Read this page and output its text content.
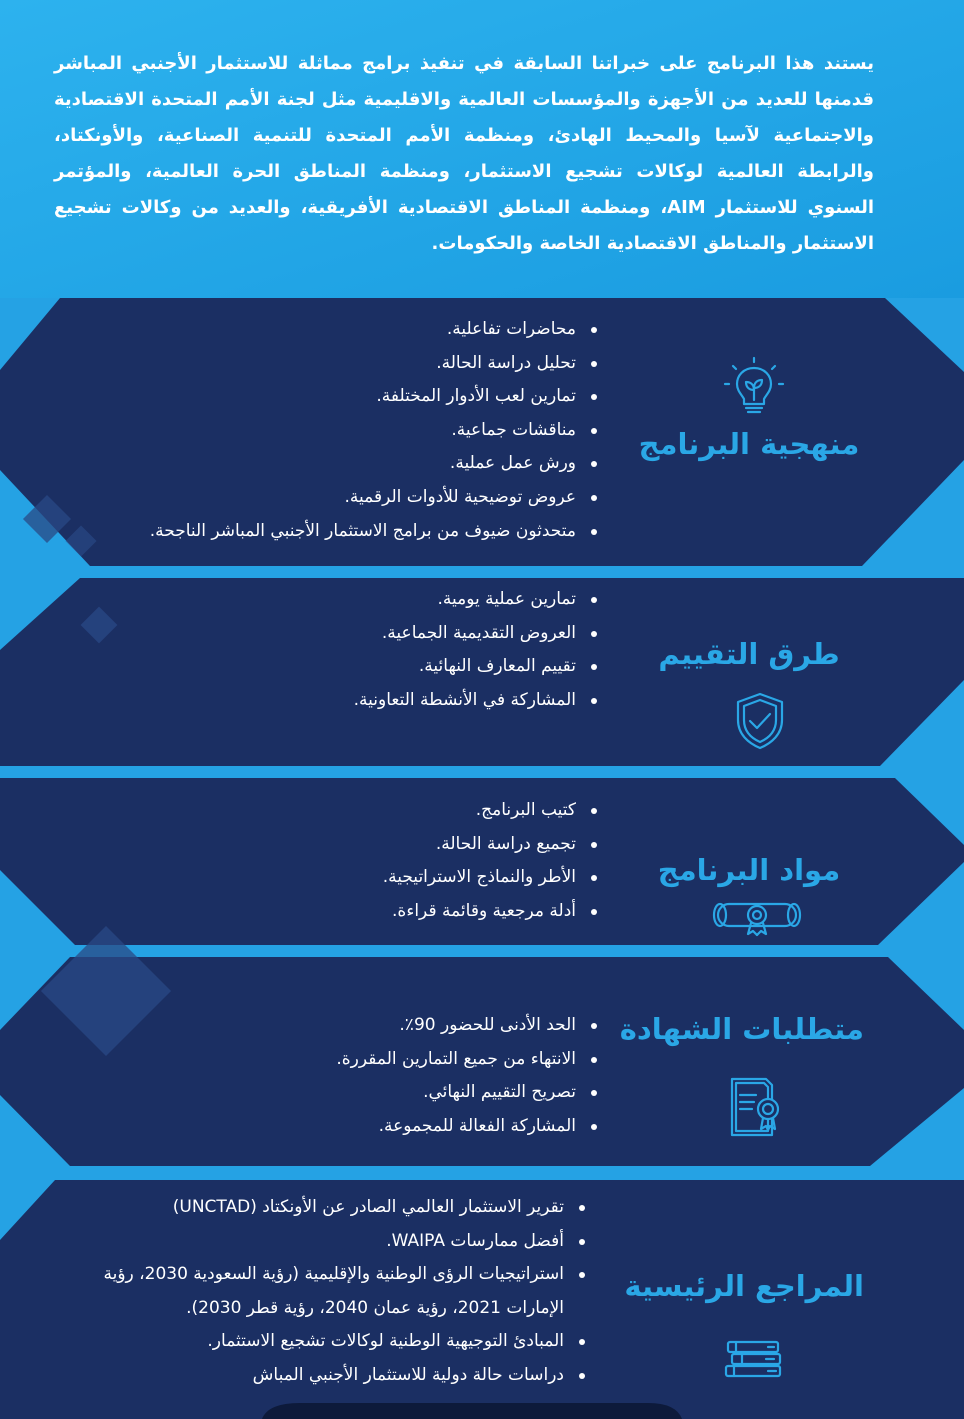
يستند هذا البرنامج على خبراتنا السابقة في تنفيذ برامج مماثلة للاستثمار الأجنبي المباشر قدمنها للعديد من الأجهزة والمؤسسات العالمية والاقليمية مثل لجنة الأمم المتحدة الاقتصادية والاجتماعية لآسيا والمحيط الهادئ، ومنظمة الأمم المتحدة للتنمية الصناعية، والأونكتاد، والرابطة العالمية لوكالات تشجيع الاستثمار، ومنظمة المناطق الحرة العالمية، والمؤتمر السنوي للاستثمار AIM، ومنظمة المناطق الاقتصادية الأفريقية، والعديد من وكالات تشجيع الاستثمار والمناطق الاقتصادية الخاصة والحكومات.

منهجية البرنامج
محاضرات تفاعلية.
تحليل دراسة الحالة.
تمارين لعب الأدوار المختلفة.
مناقشات جماعية.
ورش عمل عملية.
عروض توضيحية للأدوات الرقمية.
متحدثون ضيوف من برامج الاستثمار الأجنبي المباشر الناجحة.
طرق التقييم
تمارين عملية يومية.
العروض التقديمية الجماعية.
تقييم المعارف النهائية.
المشاركة في الأنشطة التعاونية.
مواد البرنامج
كتيب البرنامج.
تجميع دراسة الحالة.
الأطر والنماذج الاستراتيجية.
أدلة مرجعية وقائمة قراءة.
متطلبات الشهادة
الحد الأدنى للحضور 90٪.
الانتهاء من جميع التمارين المقررة.
تصريح التقييم النهائي.
المشاركة الفعالة للمجموعة.
المراجع الرئيسية
تقرير الاستثمار العالمي الصادر عن الأونكتاد (UNCTAD)
أفضل ممارسات WAIPA.
استراتيجيات الرؤى الوطنية والإقليمية (رؤية السعودية 2030، رؤية الإمارات 2021، رؤية عمان 2040، رؤية قطر 2030).
المبادئ التوجيهية الوطنية لوكالات تشجيع الاستثمار.
دراسات حالة دولية للاستثمار الأجنبي المباش
